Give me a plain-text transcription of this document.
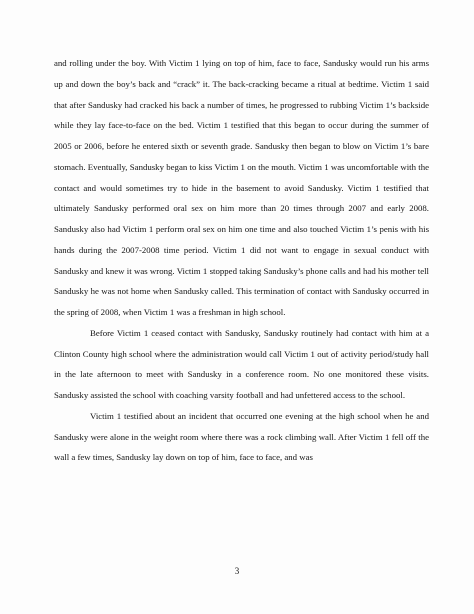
and rolling under the boy. With Victim 1 lying on top of him, face to face, Sandusky would run his arms up and down the boy’s back and “crack” it. The back-cracking became a ritual at bedtime. Victim 1 said that after Sandusky had cracked his back a number of times, he progressed to rubbing Victim 1’s backside while they lay face-to-face on the bed. Victim 1 testified that this began to occur during the summer of 2005 or 2006, before he entered sixth or seventh grade. Sandusky then began to blow on Victim 1’s bare stomach. Eventually, Sandusky began to kiss Victim 1 on the mouth. Victim 1 was uncomfortable with the contact and would sometimes try to hide in the basement to avoid Sandusky. Victim 1 testified that ultimately Sandusky performed oral sex on him more than 20 times through 2007 and early 2008. Sandusky also had Victim 1 perform oral sex on him one time and also touched Victim 1’s penis with his hands during the 2007-2008 time period. Victim 1 did not want to engage in sexual conduct with Sandusky and knew it was wrong. Victim 1 stopped taking Sandusky’s phone calls and had his mother tell Sandusky he was not home when Sandusky called. This termination of contact with Sandusky occurred in the spring of 2008, when Victim 1 was a freshman in high school.

Before Victim 1 ceased contact with Sandusky, Sandusky routinely had contact with him at a Clinton County high school where the administration would call Victim 1 out of activity period/study hall in the late afternoon to meet with Sandusky in a conference room. No one monitored these visits. Sandusky assisted the school with coaching varsity football and had unfettered access to the school.

Victim 1 testified about an incident that occurred one evening at the high school when he and Sandusky were alone in the weight room where there was a rock climbing wall. After Victim 1 fell off the wall a few times, Sandusky lay down on top of him, face to face, and was

3
